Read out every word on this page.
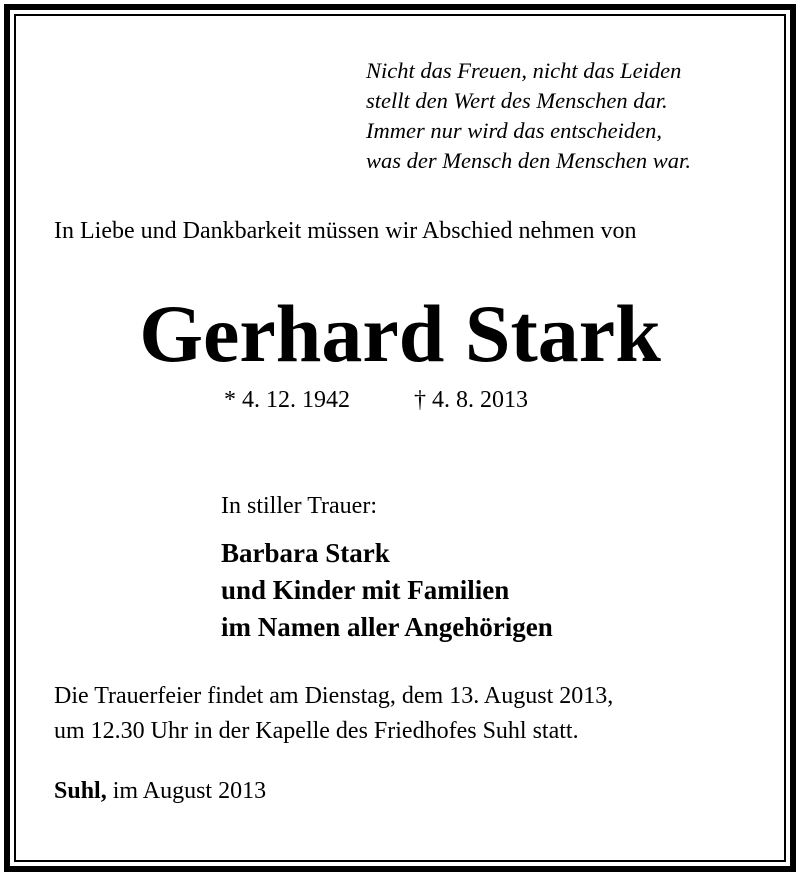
Nicht das Freuen, nicht das Leiden
stellt den Wert des Menschen dar.
Immer nur wird das entscheiden,
was der Mensch den Menschen war.
In Liebe und Dankbarkeit müssen wir Abschied nehmen von
Gerhard Stark
* 4. 12. 1942	† 4. 8. 2013
In stiller Trauer:
Barbara Stark
und Kinder mit Familien
im Namen aller Angehörigen
Die Trauerfeier findet am Dienstag, dem 13. August 2013,
um 12.30 Uhr in der Kapelle des Friedhofes Suhl statt.
Suhl, im August 2013
